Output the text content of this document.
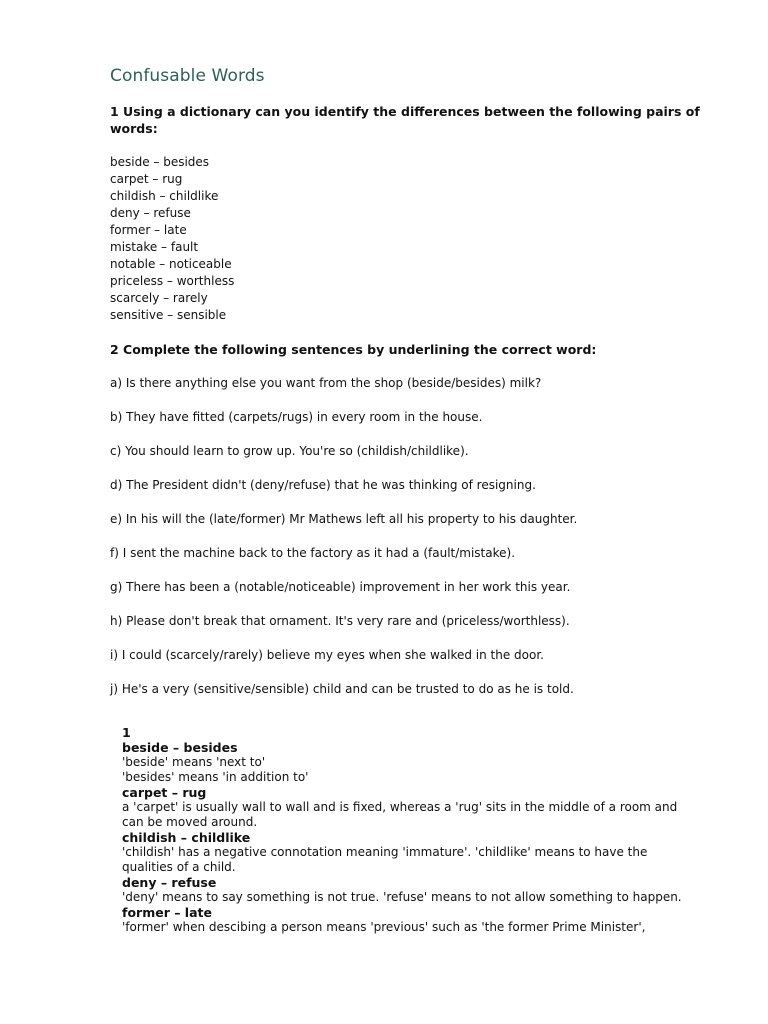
Confusable Words
1 Using a dictionary can you identify the differences between the following pairs of words:
beside – besides
carpet – rug
childish – childlike
deny – refuse
former – late
mistake – fault
notable – noticeable
priceless – worthless
scarcely – rarely
sensitive – sensible
2 Complete the following sentences by underlining the correct word:
a) Is there anything else you want from the shop (beside/besides) milk?
b) They have fitted (carpets/rugs) in every room in the house.
c) You should learn to grow up. You're so (childish/childlike).
d) The President didn't (deny/refuse) that he was thinking of resigning.
e) In his will the (late/former) Mr Mathews left all his property to his daughter.
f) I sent the machine back to the factory as it had a (fault/mistake).
g) There has been a (notable/noticeable) improvement in her work this year.
h) Please don't break that ornament. It's very rare and (priceless/worthless).
i) I could (scarcely/rarely) believe my eyes when she walked in the door.
j) He's a very (sensitive/sensible) child and can be trusted to do as he is told.
1
beside – besides

'beside' means 'next to'

'besides' means 'in addition to'

carpet – rug

a 'carpet' is usually wall to wall and is fixed, whereas a 'rug' sits in the middle of a room and can be moved around.

childish – childlike

'childish' has a negative connotation meaning 'immature'. 'childlike' means to have the qualities of a child.

deny – refuse

'deny' means to say something is not true. 'refuse' means to not allow something to happen.

former – late

'former' when descibing a person means 'previous' such as 'the former Prime Minister',
